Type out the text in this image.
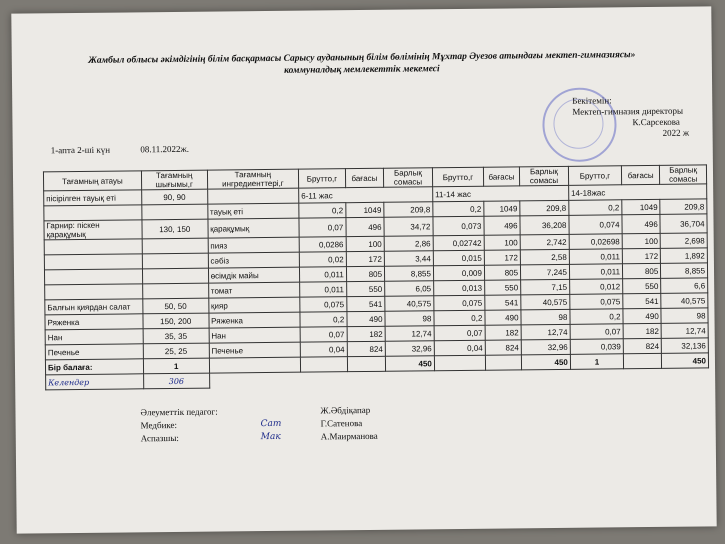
Жамбыл облысы әкімдігінің білім басқармасы Сарысу ауданының білім бөлімінің Мұхтар Әуезов атындағы мектеп-гимназиясы»
коммуналдық мемлекеттік мекемесі
Бекітемін:
Мектеп-гимназия директоры
К.Сарсекова
2022 ж
1-апта 2-ші күн	08.11.2022ж.
Тағамның атауы	Тағамның шығымы,г	Тағамның ингредиенттері,г	Брутто,г	бағасы	Барлық сомасы	Брутто,г	бағасы	Барлық сомасы	Брутто,г	бағасы	Барлық сомасы
пісірілген тауық еті	90, 90		6-11 жас			11-14 жас			14-18жас		
		тауық еті	0,2	1049	209,8	0,2	1049	209,8	0,2	1049	209,8
Гарнир: піскен қарақұмық	130, 150	қарақұмық	0,07	496	34,72	0,073	496	36,208	0,074	496	36,704
		пияз	0,0286	100	2,86	0,02742	100	2,742	0,02698	100	2,698
		сәбіз	0,02	172	3,44	0,015	172	2,58	0,011	172	1,892
		өсімдік майы	0,011	805	8,855	0,009	805	7,245	0,011	805	8,855
		томат	0,011	550	6,05	0,013	550	7,15	0,012	550	6,6
Балғын қиярдан салат	50, 50	қияр	0,075	541	40,575	0,075	541	40,575	0,075	541	40,575
Ряженка	150, 200	Ряженка	0,2	490	98	0,2	490	98	0,2	490	98
Нан	35, 35	Нан	0,07	182	12,74	0,07	182	12,74	0,07	182	12,74
Печенье	25, 25	Печенье	0,04	824	32,96	0,04	824	32,96	0,039	824	32,136
Бір балаға:	1				450			450	1		450
Келендер	306										
Әлеуметтік педагог:	Ж.Әбдіқапар
Медбике:	Сат	Г.Сатенова
Аспазшы:	Мак	А.Маирманова
